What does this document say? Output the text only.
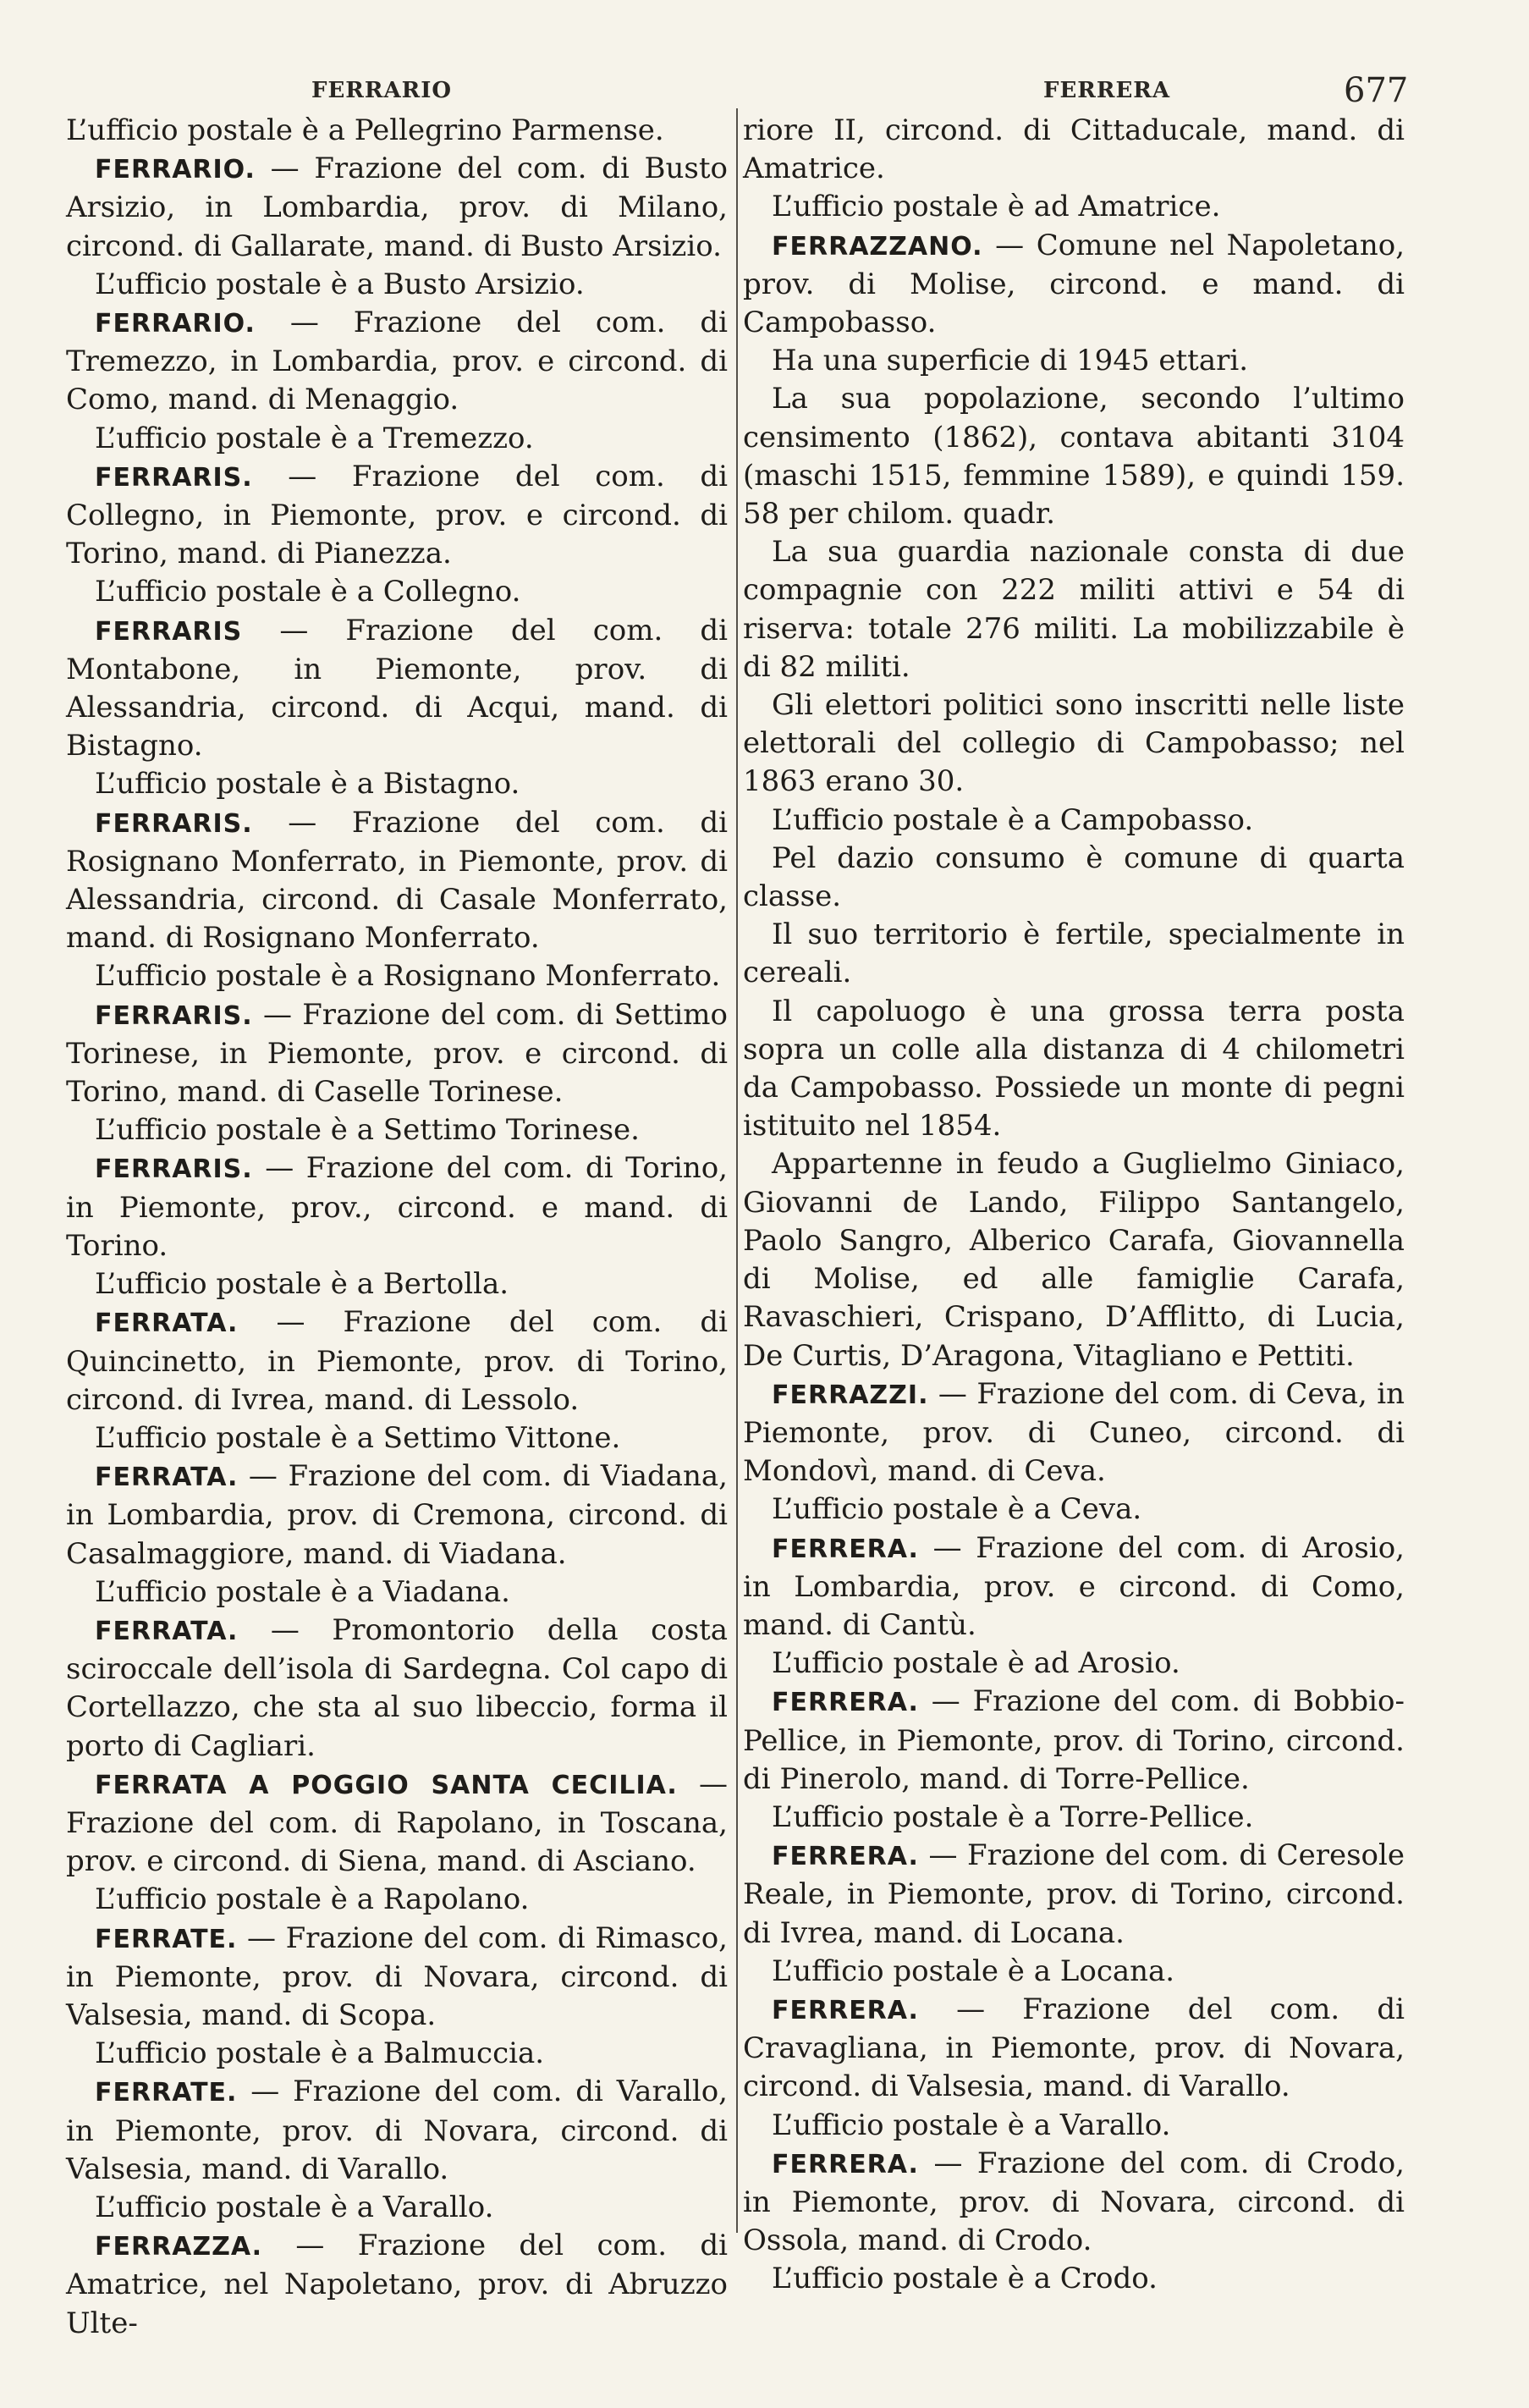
FERRARIO	FERRERA	677

L’ufficio postale è a Pellegrino Parmense.

FERRARIO. — Frazione del com. di Busto Arsizio, in Lombardia, prov. di Milano, circond. di Gallarate, mand. di Busto Arsizio.

L’ufficio postale è a Busto Arsizio.

FERRARIO. — Frazione del com. di Tremezzo, in Lombardia, prov. e circond. di Como, mand. di Menaggio.

L’ufficio postale è a Tremezzo.

FERRARIS. — Frazione del com. di Collegno, in Piemonte, prov. e circond. di Torino, mand. di Pianezza.

L’ufficio postale è a Collegno.

FERRARIS — Frazione del com. di Montabone, in Piemonte, prov. di Alessandria, circond. di Acqui, mand. di Bistagno.

L’ufficio postale è a Bistagno.

FERRARIS. — Frazione del com. di Rosignano Monferrato, in Piemonte, prov. di Alessandria, circond. di Casale Monferrato, mand. di Rosignano Monferrato.

L’ufficio postale è a Rosignano Monferrato.

FERRARIS. — Frazione del com. di Settimo Torinese, in Piemonte, prov. e circond. di Torino, mand. di Caselle Torinese.

L’ufficio postale è a Settimo Torinese.

FERRARIS. — Frazione del com. di Torino, in Piemonte, prov., circond. e mand. di Torino.

L’ufficio postale è a Bertolla.

FERRATA. — Frazione del com. di Quincinetto, in Piemonte, prov. di Torino, circond. di Ivrea, mand. di Lessolo.

L’ufficio postale è a Settimo Vittone.

FERRATA. — Frazione del com. di Viadana, in Lombardia, prov. di Cremona, circond. di Casalmaggiore, mand. di Viadana.

L’ufficio postale è a Viadana.

FERRATA. — Promontorio della costa sciroccale dell’isola di Sardegna. Col capo di Cortellazzo, che sta al suo libeccio, forma il porto di Cagliari.

FERRATA A POGGIO SANTA CECILIA. — Frazione del com. di Rapolano, in Toscana, prov. e circond. di Siena, mand. di Asciano.

L’ufficio postale è a Rapolano.

FERRATE. — Frazione del com. di Rimasco, in Piemonte, prov. di Novara, circond. di Valsesia, mand. di Scopa.

L’ufficio postale è a Balmuccia.

FERRATE. — Frazione del com. di Varallo, in Piemonte, prov. di Novara, circond. di Valsesia, mand. di Varallo.

L’ufficio postale è a Varallo.

FERRAZZA. — Frazione del com. di Amatrice, nel Napoletano, prov. di Abruzzo Ulte-

riore II, circond. di Cittaducale, mand. di Amatrice.

L’ufficio postale è ad Amatrice.

FERRAZZANO. — Comune nel Napoletano, prov. di Molise, circond. e mand. di Campobasso.

Ha una superficie di 1945 ettari.

La sua popolazione, secondo l’ultimo censimento (1862), contava abitanti 3104 (maschi 1515, femmine 1589), e quindi 159. 58 per chilom. quadr.

La sua guardia nazionale consta di due compagnie con 222 militi attivi e 54 di riserva: totale 276 militi. La mobilizzabile è di 82 militi.

Gli elettori politici sono inscritti nelle liste elettorali del collegio di Campobasso; nel 1863 erano 30.

L’ufficio postale è a Campobasso.

Pel dazio consumo è comune di quarta classe.

Il suo territorio è fertile, specialmente in cereali.

Il capoluogo è una grossa terra posta sopra un colle alla distanza di 4 chilometri da Campobasso. Possiede un monte di pegni istituito nel 1854.

Appartenne in feudo a Guglielmo Giniaco, Giovanni de Lando, Filippo Santangelo, Paolo Sangro, Alberico Carafa, Giovannella di Molise, ed alle famiglie Carafa, Ravaschieri, Crispano, D’Afflitto, di Lucia, De Curtis, D’Aragona, Vitagliano e Pettiti.

FERRAZZI. — Frazione del com. di Ceva, in Piemonte, prov. di Cuneo, circond. di Mondovì, mand. di Ceva.

L’ufficio postale è a Ceva.

FERRERA. — Frazione del com. di Arosio, in Lombardia, prov. e circond. di Como, mand. di Cantù.

L’ufficio postale è ad Arosio.

FERRERA. — Frazione del com. di Bobbio-Pellice, in Piemonte, prov. di Torino, circond. di Pinerolo, mand. di Torre-Pellice.

L’ufficio postale è a Torre-Pellice.

FERRERA. — Frazione del com. di Ceresole Reale, in Piemonte, prov. di Torino, circond. di Ivrea, mand. di Locana.

L’ufficio postale è a Locana.

FERRERA. — Frazione del com. di Cravagliana, in Piemonte, prov. di Novara, circond. di Valsesia, mand. di Varallo.

L’ufficio postale è a Varallo.

FERRERA. — Frazione del com. di Crodo, in Piemonte, prov. di Novara, circond. di Ossola, mand. di Crodo.

L’ufficio postale è a Crodo.
